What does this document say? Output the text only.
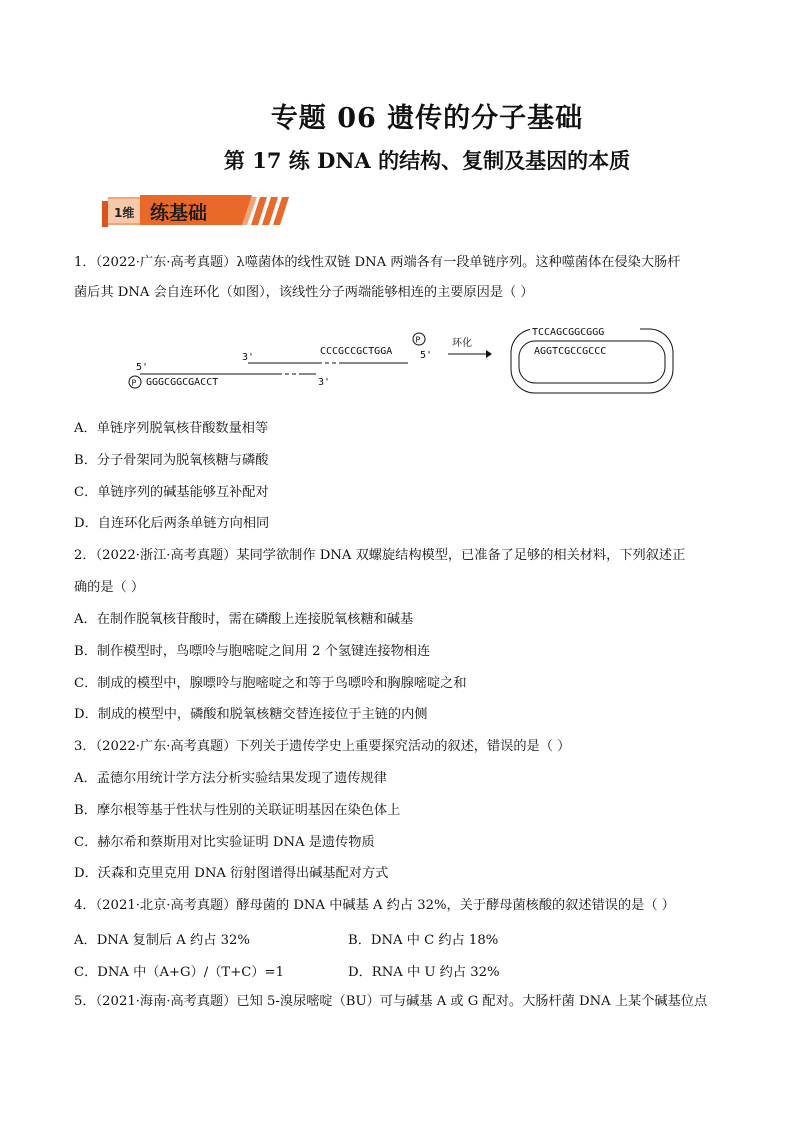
专题 06 遗传的分子基础
第 17 练 DNA 的结构、复制及基因的本质
1维 练基础
1．（2022·广东·高考真题）λ噬菌体的线性双链 DNA 两端各有一段单链序列。这种噬菌体在侵染大肠杆
菌后其 DNA 会自连环化（如图），该线性分子两端能够相连的主要原因是（ ）
5'
P GGGCGGCGACCT	3'
3'
CCCGCCGCTGGA
P
5'
环化
TCCAGCGGCGGG
AGGTCGCCGCCC
A．单链序列脱氧核苷酸数量相等
B．分子骨架同为脱氧核糖与磷酸
C．单链序列的碱基能够互补配对
D．自连环化后两条单链方向相同
2．（2022·浙江·高考真题）某同学欲制作 DNA 双螺旋结构模型，已准备了足够的相关材料，下列叙述正
确的是（ ）
A．在制作脱氧核苷酸时，需在磷酸上连接脱氧核糖和碱基
B．制作模型时，鸟嘌呤与胞嘧啶之间用 2 个氢键连接物相连
C．制成的模型中，腺嘌呤与胞嘧啶之和等于鸟嘌呤和胸腺嘧啶之和
D．制成的模型中，磷酸和脱氧核糖交替连接位于主链的内侧
3．（2022·广东·高考真题）下列关于遗传学史上重要探究活动的叙述，错误的是（ ）
A．孟德尔用统计学方法分析实验结果发现了遗传规律
B．摩尔根等基于性状与性别的关联证明基因在染色体上
C．赫尔希和蔡斯用对比实验证明 DNA 是遗传物质
D．沃森和克里克用 DNA 衍射图谱得出碱基配对方式
4．（2021·北京·高考真题）酵母菌的 DNA 中碱基 A 约占 32%，关于酵母菌核酸的叙述错误的是（ ）
A．DNA 复制后 A 约占 32%	B．DNA 中 C 约占 18%
C．DNA 中（A+G）/（T+C）=1	D．RNA 中 U 约占 32%
5．（2021·海南·高考真题）已知 5-溴尿嘧啶（BU）可与碱基 A 或 G 配对。大肠杆菌 DNA 上某个碱基位点
